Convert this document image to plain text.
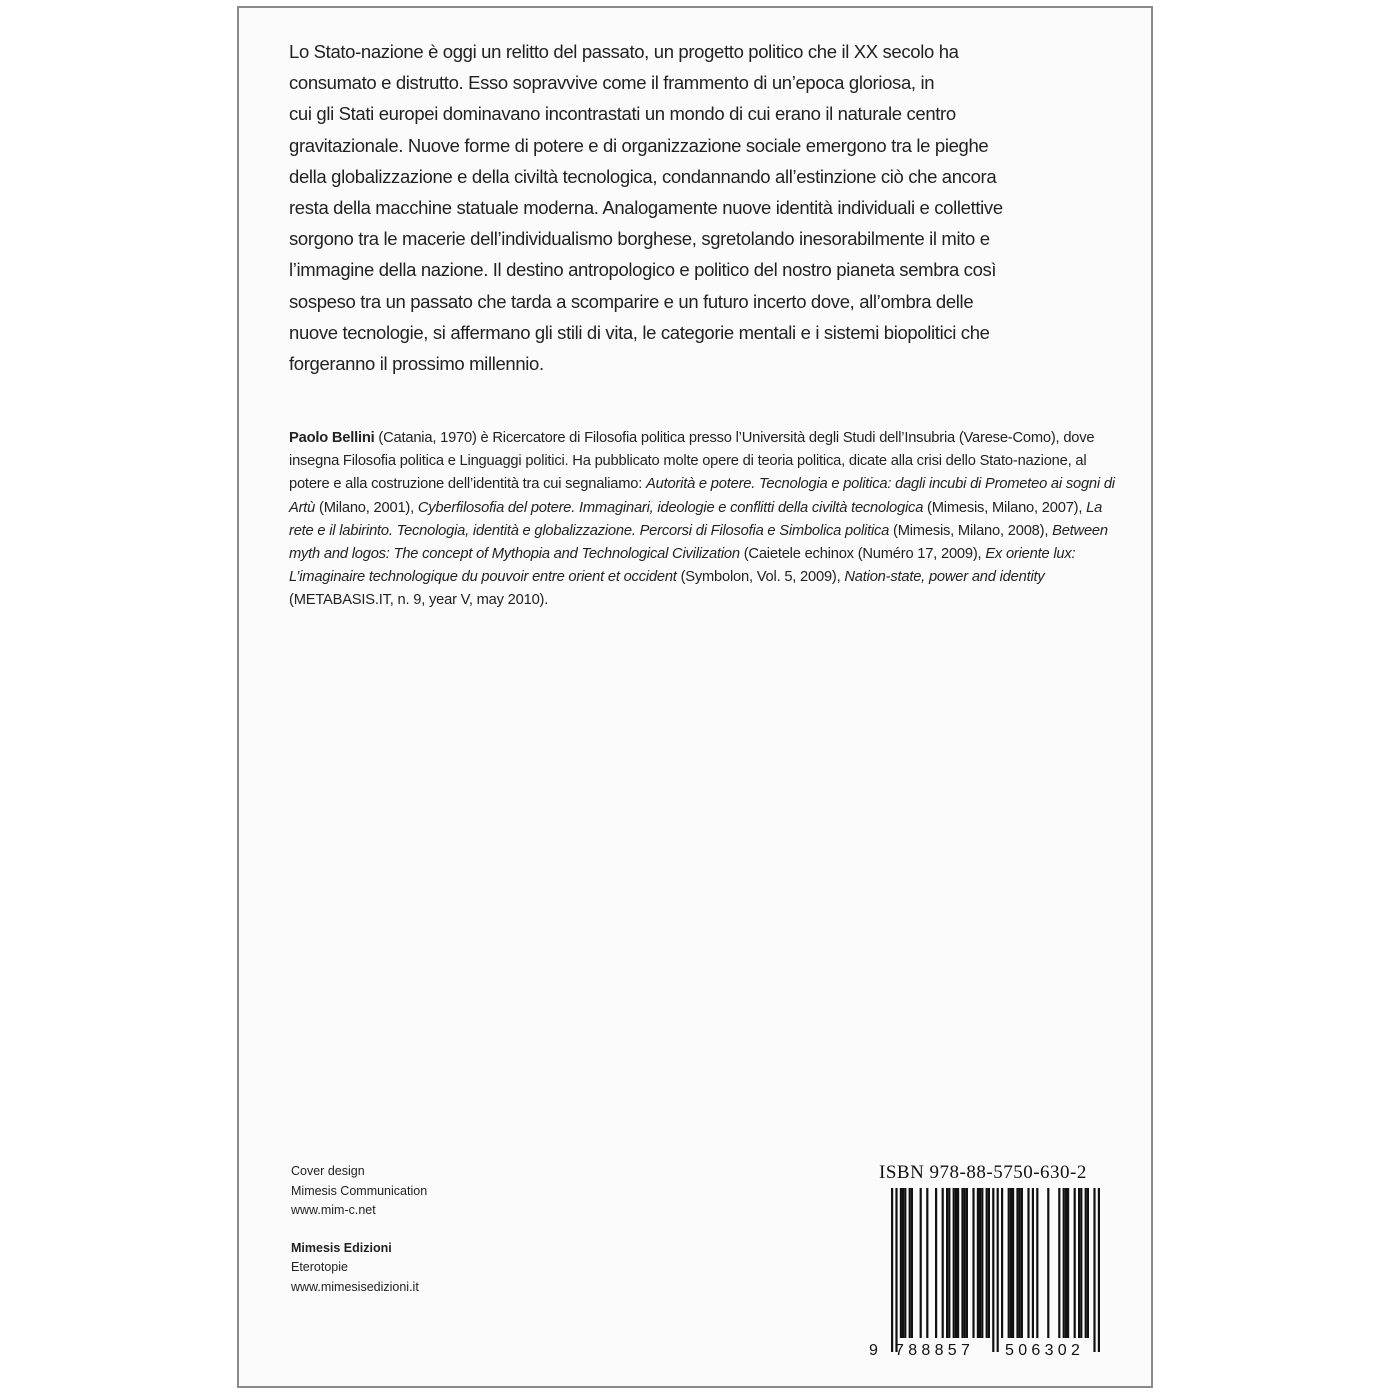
Lo Stato-nazione è oggi un relitto del passato, un progetto politico che il XX secolo ha

consumato e distrutto. Esso sopravvive come il frammento di un’epoca gloriosa, in

cui gli Stati europei dominavano incontrastati un mondo di cui erano il naturale centro

gravitazionale. Nuove forme di potere e di organizzazione sociale emergono tra le pieghe

della globalizzazione e della civiltà tecnologica, condannando all’estinzione ciò che ancora

resta della macchine statuale moderna. Analogamente nuove identità individuali e collettive

sorgono tra le macerie dell’individualismo borghese, sgretolando inesorabilmente il mito e

l’immagine della nazione. Il destino antropologico e politico del nostro pianeta sembra così

sospeso tra un passato che tarda a scomparire e un futuro incerto dove, all’ombra delle

nuove tecnologie, si affermano gli stili di vita, le categorie mentali e i sistemi biopolitici che

forgeranno il prossimo millennio.

Paolo Bellini (Catania, 1970) è Ricercatore di Filosofia politica presso l’Università degli Studi dell’Insubria (Varese-Como), dove insegna Filosofia politica e Linguaggi politici. Ha pubblicato molte opere di teoria politica, dicate alla crisi dello Stato-nazione, al potere e alla costruzione dell’identità tra cui segnaliamo: Autorità e potere. Tecnologia e politica: dagli incubi di Prometeo ai sogni di Artù (Milano, 2001), Cyberfilosofia del potere. Immaginari, ideologie e conflitti della civiltà tecnologica (Mimesis, Milano, 2007), La rete e il labirinto. Tecnologia, identità e globalizzazione. Percorsi di Filosofia e Simbolica politica (Mimesis, Milano, 2008), Between myth and logos: The concept of Mythopia and Technological Civilization (Caietele echinox (Numéro 17, 2009), Ex oriente lux: L’imaginaire technologique du pouvoir entre orient et occident (Symbolon, Vol. 5, 2009), Nation-state, power and identity (METABASIS.IT, n. 9, year V, may 2010).
Cover design
Mimesis Communication
www.mim-c.net
Mimesis Edizioni
Eterotopie
www.mimesisedizioni.it
ISBN 978-88-5750-630-2
9 788857 506302
